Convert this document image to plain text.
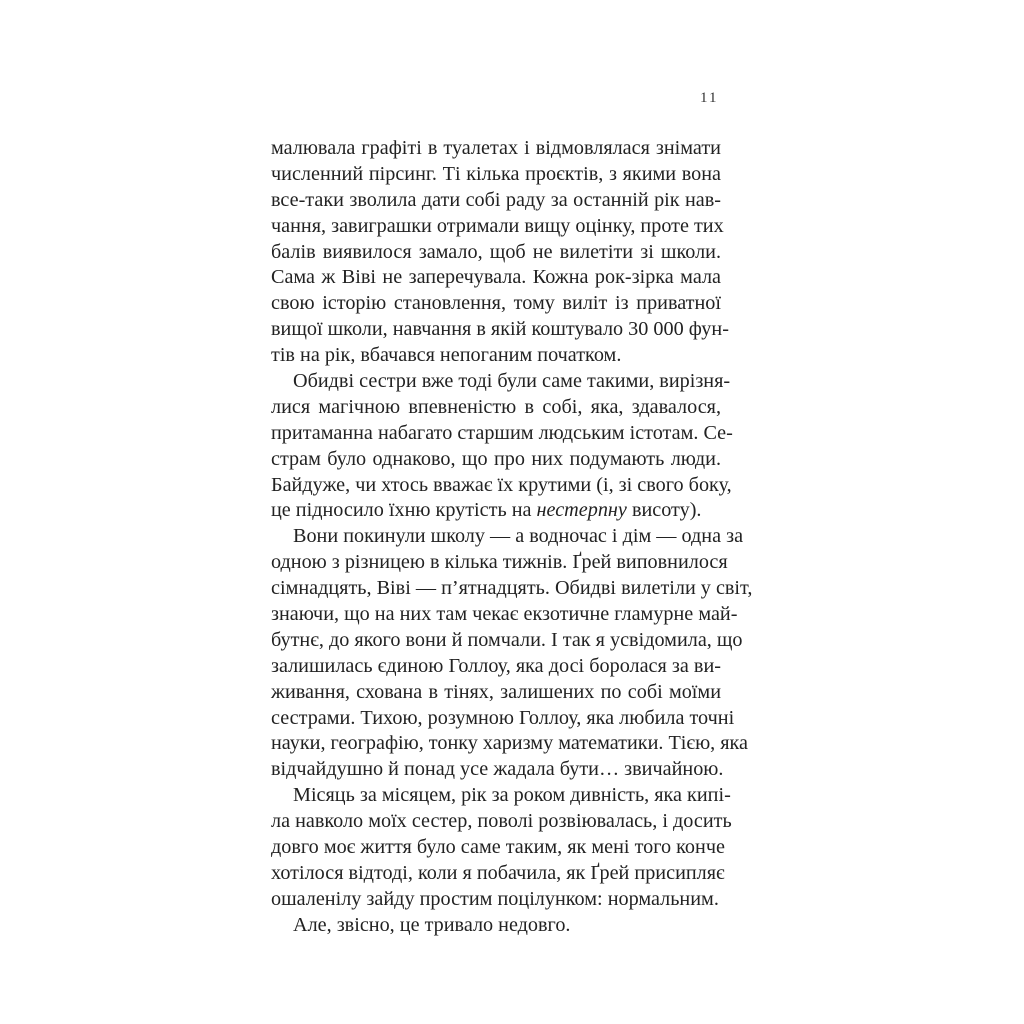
11
малювала графіті в туалетах і відмовлялася знімати
численний пірсинг. Ті кілька проєктів, з якими вона
все-таки зволила дати собі раду за останній рік нав-
чання, завиграшки отримали вищу оцінку, проте тих
балів виявилося замало, щоб не вилетіти зі школи.
Сама ж Віві не заперечувала. Кожна рок-зірка мала
свою історію становлення, тому виліт із приватної
вищої школи, навчання в якій коштувало 30 000 фун-
тів на рік, вбачався непоганим початком.
Обидві сестри вже тоді були саме такими, вирізня-
лися магічною впевненістю в собі, яка, здавалося,
притаманна набагато старшим людським істотам. Се-
страм було однаково, що про них подумають люди.
Байдуже, чи хтось вважає їх крутими (і, зі свого боку,
це підносило їхню крутість на нестерпну висоту).
Вони покинули школу — а водночас і дім — одна за
одною з різницею в кілька тижнів. Ґрей виповнилося
сімнадцять, Віві — п’ятнадцять. Обидві вилетіли у світ,
знаючи, що на них там чекає екзотичне гламурне май-
бутнє, до якого вони й помчали. І так я усвідомила, що
залишилась єдиною Голлоу, яка досі боролася за ви-
живання, схована в тінях, залишених по собі моїми
сестрами. Тихою, розумною Голлоу, яка любила точні
науки, географію, тонку харизму математики. Тією, яка
відчайдушно й понад усе жадала бути… звичайною.
Місяць за місяцем, рік за роком дивність, яка кипі-
ла навколо моїх сестер, поволі розвіювалась, і досить
довго моє життя було саме таким, як мені того конче
хотілося відтоді, коли я побачила, як Ґрей присипляє
ошаленілу зайду простим поцілунком: нормальним.
Але, звісно, це тривало недовго.
